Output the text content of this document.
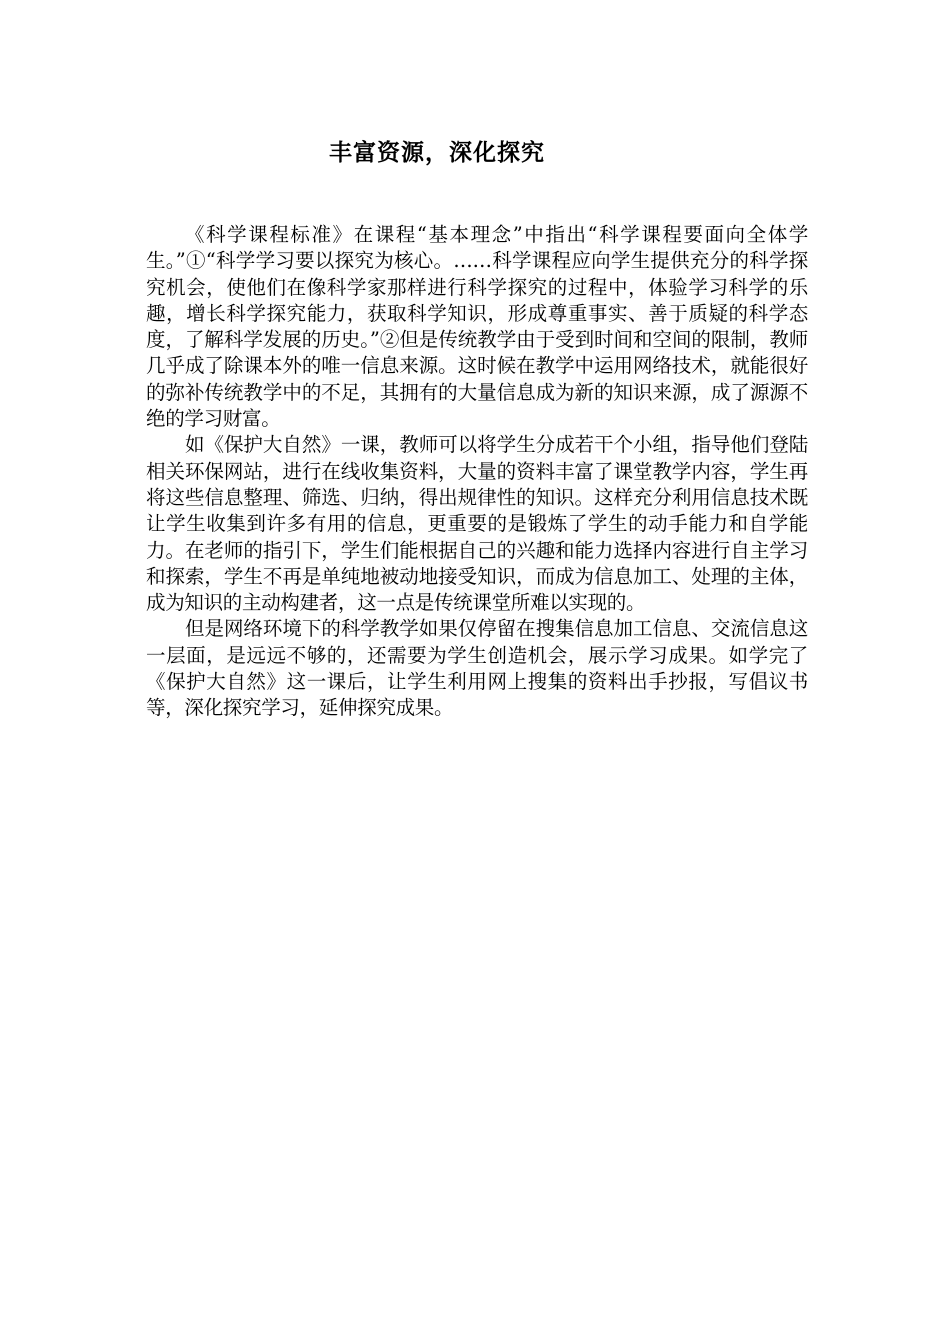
丰富资源，深化探究

《科学课程标准》在课程“基本理念”中指出“科学课程要面向全体学生。”①“科学学习要以探究为核心。……科学课程应向学生提供充分的科学探究机会，使他们在像科学家那样进行科学探究的过程中，体验学习科学的乐趣，增长科学探究能力，获取科学知识，形成尊重事实、善于质疑的科学态度，了解科学发展的历史。”②但是传统教学由于受到时间和空间的限制，教师几乎成了除课本外的唯一信息来源。这时候在教学中运用网络技术，就能很好的弥补传统教学中的不足，其拥有的大量信息成为新的知识来源，成了源源不绝的学习财富。

如《保护大自然》一课，教师可以将学生分成若干个小组，指导他们登陆相关环保网站，进行在线收集资料，大量的资料丰富了课堂教学内容，学生再将这些信息整理、筛选、归纳，得出规律性的知识。这样充分利用信息技术既让学生收集到许多有用的信息，更重要的是锻炼了学生的动手能力和自学能力。在老师的指引下，学生们能根据自己的兴趣和能力选择内容进行自主学习和探索，学生不再是单纯地被动地接受知识，而成为信息加工、处理的主体，成为知识的主动构建者，这一点是传统课堂所难以实现的。

但是网络环境下的科学教学如果仅停留在搜集信息加工信息、交流信息这一层面，是远远不够的，还需要为学生创造机会，展示学习成果。如学完了《保护大自然》这一课后，让学生利用网上搜集的资料出手抄报，写倡议书等，深化探究学习，延伸探究成果。
